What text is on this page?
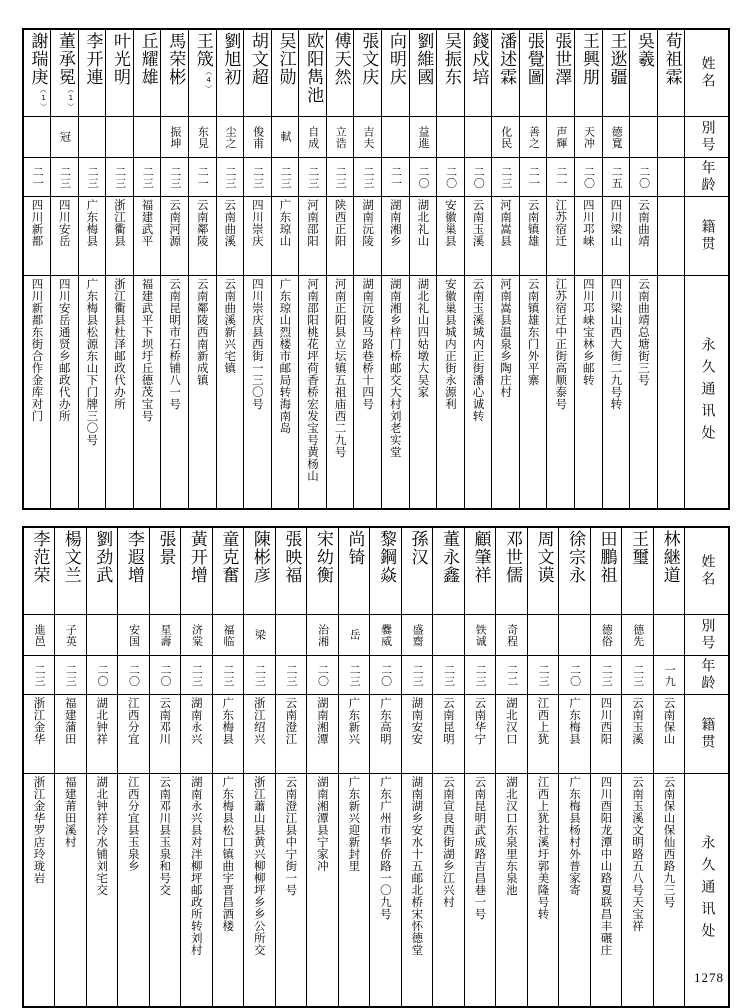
謝瑞庚$^{(1)}$	董承冕$^{(1)}$	李开連	叶光明	丘耀雄	馬荣彬	王筬$^{(4)}$	劉旭初	胡文超	吴江勋	欧阳雋池	傅天然	張文庆	向明庆	劉維國	吴振东	錢戍培	潘述霖	張覺圖	張世澤	王興朋	王逖疆	吳羲	荀祖霖	姓名

	冠				振坤	东見	尘之	俊甫	軾	自成	立诰	吉夫		益進			化民	善之	声輝	天冲	德寬			別号

二一	二三	二三	二三	二三	二三	二一	二三	二三	二三	二三	二三	二三	二一	二〇	二〇	二〇	二三	二一	二一	二〇	二五	二〇		年龄

四川新都	四川安岳	广东梅县	浙江衢县	福建武平	云南河源	云南鄰陵	云南曲溪	四川崇庆	广东琼山	河南邵阳	陕西正阳	湖南沅陵	湖南湘乡	湖北礼山	安徽巢县	云南玉溪	河南嵩县	云南镇雄	江苏宿迁	四川邛崃	四川梁山	云南曲靖		籍贯

四川新都东街合作金库对门	四川安岳通贤乡邮政代办所	广东梅县松源东山下门牌三〇号	浙江衢县杜泽邮政代办所	福建武平下坝圩丘德茂宝号	云南昆明市石桥铺八一号	云南鄰陵西南新成镇	云南曲溪新兴宅镇	四川崇庆县西街一三〇号	广东琼山烈楼市邮局转海南岛	河南邵阳桃花坪荷香桥宏发宝号黄杨山	河南正阳县立坛镇五祖庙西二九号	湖南沅陵马路巷桥十四号	湖南湘乡梓门桥邮交大村刘老实堂	湖北礼山四姑墩大吴家	安徽巢县城内正街永源利	云南玉溪城内正街潘心诚转	河南嵩县温泉乡陶庄村	云南镇雄东门外平寨	江苏宿迁中正街高顺泰号	四川邛崃宝林乡邮转	四川梁山西大街二九号转	云南曲靖总塘街三号		永久通讯处
李范荣	楊文兰	劉劲武	李遐增	張景	黃开增	童克奮	陳彬彦	張映福	宋幼衡	尚锜	黎鋼焱	孫汉	董永鑫	顧肇祥	邓世儒	周文谟	徐宗永	田鵬祖	王璽	林継道	姓名

進邑	子英		安国	星壽	济棠	福临	梁		治湘	岳	爨威	盛齋		铁诚	奇程			德俗	德先		別号

二三	二三	二〇	二〇	二〇	二三	二三	二三	二三	二〇	二三	二〇	二三	二三	二三	二二	二三	二〇	二三	二三	一九	年龄

浙江金华	福建蒲田	湖北钟祥	江西分宜	云南邓川	湖南永兴	广东梅县	浙江绍兴	云南澄江	湖南湘潭	广东新兴	广东高明	湖南安安	云南昆明	云南华宁	湖北汉口	江西上犹	广东梅县	四川西阳	云南玉溪	云南保山	籍贯

浙江金华罗店玲珑岩	福建莆田溪村	湖北钟祥冷水铺刘宅交	江西分宜县玉泉乡	云南邓川县玉泉和号交	湖南永兴县对泮柳坪邮政所转刘村	广东梅县松口镇曲宇晋昌酒楼	浙江蕭山县黄兴柳柳坪乡乡公所交	云南澄江县中宁街一号	湖南湘潭县宁家冲	广东新兴迎新封里	广东广州市华侨路一〇九号	湖南湖乡安水十五邮北桥宋怀德堂	云南宣良西街湖乡江兴村	云南昆明武成路吉昌巷一号	湖北汉口东泉里东泉池	江西上犹社溪圩郭美隆号转	广东梅县杨村外普家寄	四川酉阳龙潭中山路夏联昌丰碾庄	云南玉溪文明路五八号天宝祥	云南保山保仙西路九三号	永久通讯处
1278
